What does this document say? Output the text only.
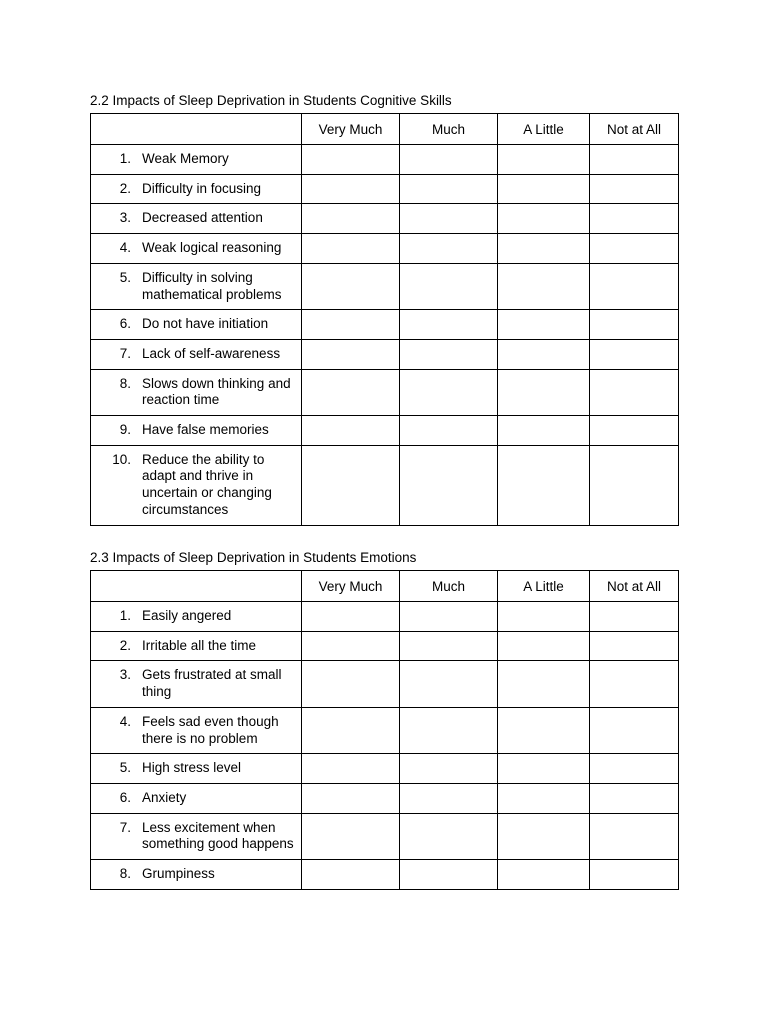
2.2 Impacts of Sleep Deprivation in Students Cognitive Skills
	Very Much	Much	A Little	Not at All

1. Weak Memory				

2. Difficulty in focusing				

3. Decreased attention				

4. Weak logical reasoning				

5. Difficulty in solving mathematical problems				

6. Do not have initiation				

7. Lack of self-awareness				

8. Slows down thinking and reaction time				

9. Have false memories				

10. Reduce the ability to adapt and thrive in uncertain or changing circumstances				

2.3 Impacts of Sleep Deprivation in Students Emotions
	Very Much	Much	A Little	Not at All

1. Easily angered				

2. Irritable all the time				

3. Gets frustrated at small thing				

4. Feels sad even though there is no problem				

5. High stress level				

6. Anxiety				

7. Less excitement when something good happens				

8. Grumpiness				
